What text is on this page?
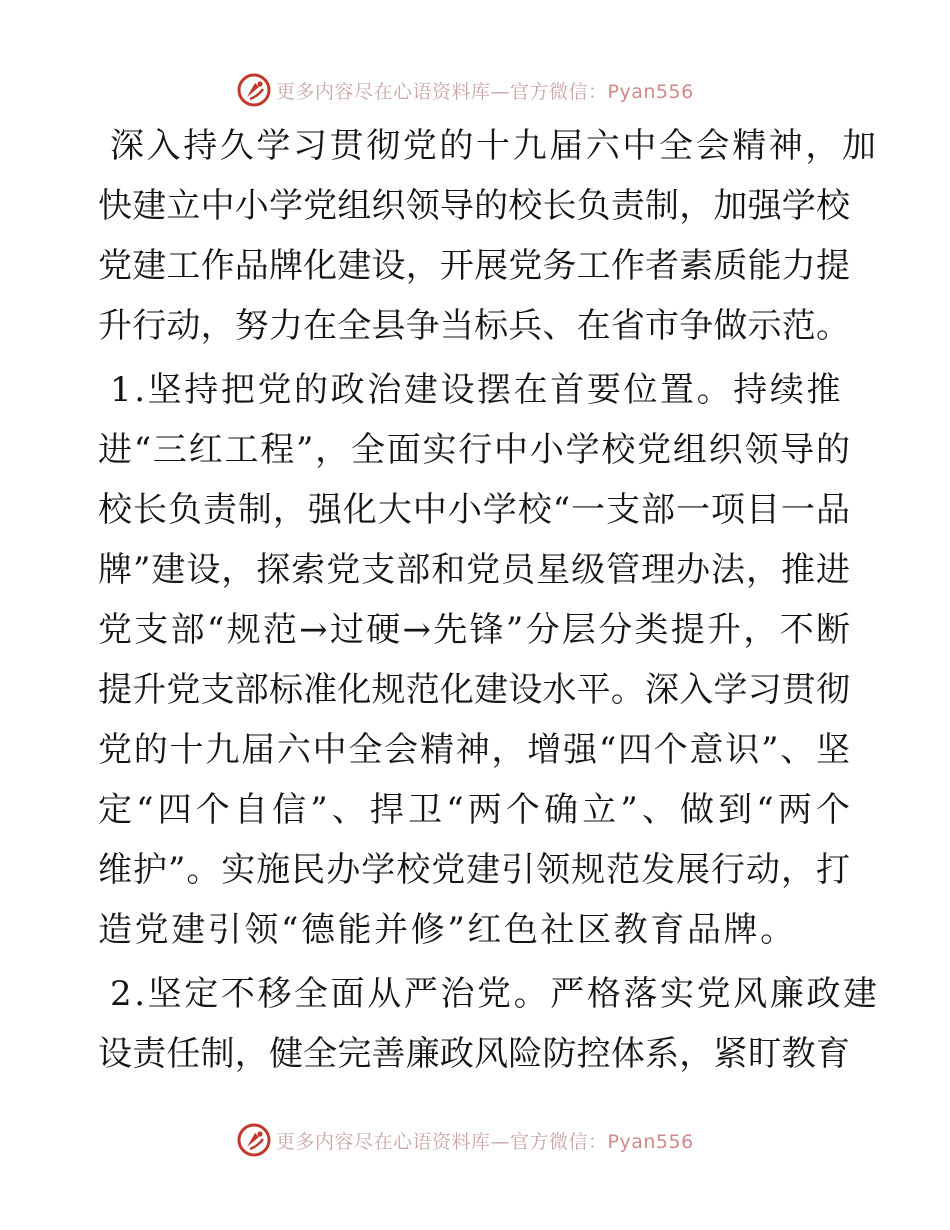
更多内容尽在心语资料库—官方微信：Pyan556

深入持久学习贯彻党的十九届六中全会精神，加
快建立中小学党组织领导的校长负责制，加强学校
党建工作品牌化建设，开展党务工作者素质能力提
升行动，努力在全县争当标兵、在省市争做示范。

1.坚持把党的政治建设摆在首要位置。持续推
进“三红工程”，全面实行中小学校党组织领导的
校长负责制，强化大中小学校“一支部一项目一品
牌”建设，探索党支部和党员星级管理办法，推进
党支部“规范→过硬→先锋”分层分类提升，不断
提升党支部标准化规范化建设水平。深入学习贯彻
党的十九届六中全会精神，增强“四个意识”、坚
定“四个自信”、捍卫“两个确立”、做到“两个
维护”。实施民办学校党建引领规范发展行动，打
造党建引领“德能并修”红色社区教育品牌。

2.坚定不移全面从严治党。严格落实党风廉政建
设责任制，健全完善廉政风险防控体系，紧盯教育

更多内容尽在心语资料库—官方微信：Pyan556
